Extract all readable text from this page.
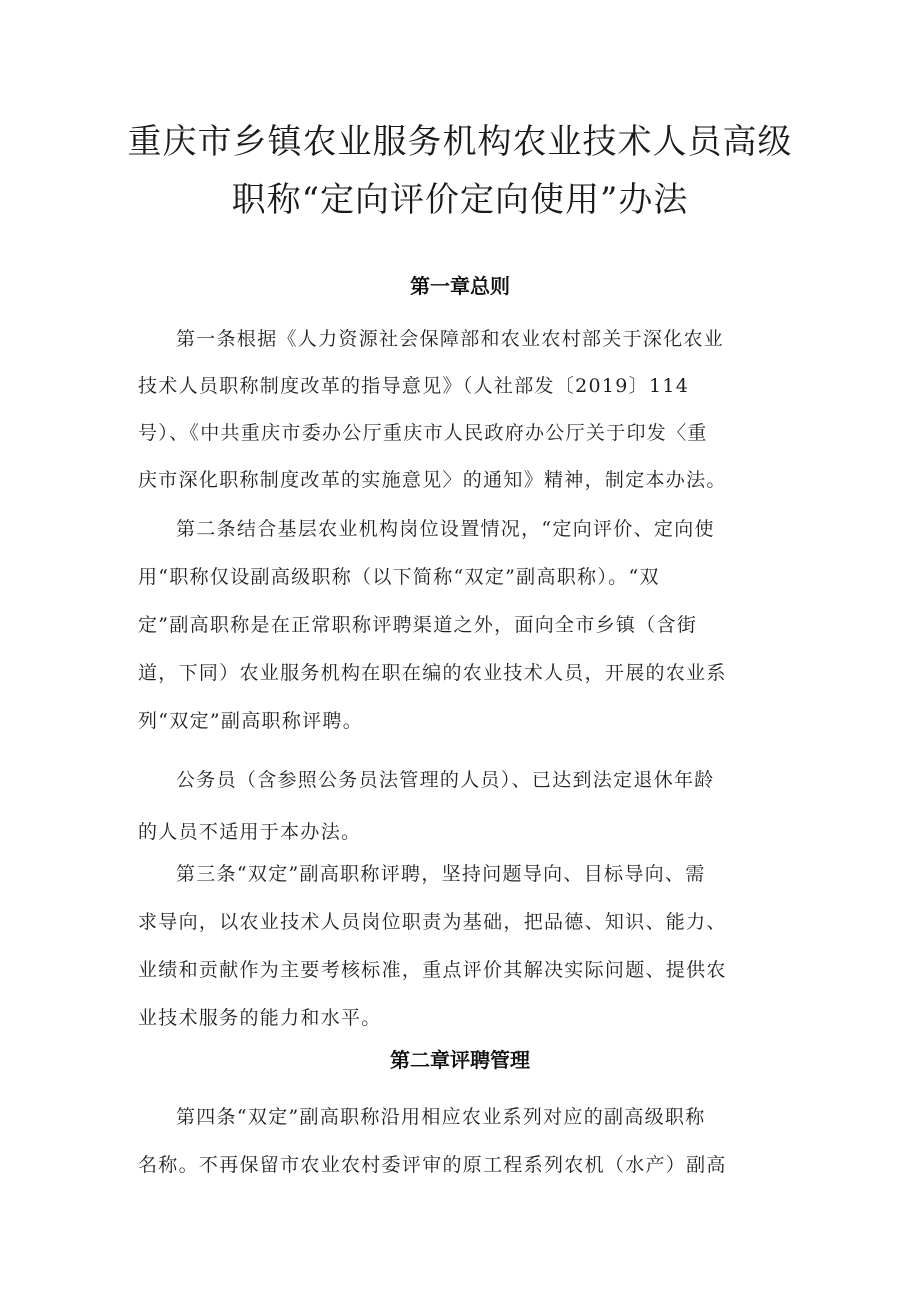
重庆市乡镇农业服务机构农业技术人员高级
职称“定向评价定向使用”办法
第一章总则

第一条根据《人力资源社会保障部和农业农村部关于深化农业
技术人员职称制度改革的指导意见》（人社部发〔2019〕114
号）、《中共重庆市委办公厅重庆市人民政府办公厅关于印发〈重
庆市深化职称制度改革的实施意见〉的通知》精神，制定本办法。

第二条结合基层农业机构岗位设置情况，“定向评价、定向使
用“职称仅设副高级职称（以下简称“双定”副高职称）。“双
定”副高职称是在正常职称评聘渠道之外，面向全市乡镇（含街
道，下同）农业服务机构在职在编的农业技术人员，开展的农业系
列“双定”副高职称评聘。

公务员（含参照公务员法管理的人员）、已达到法定退休年龄
的人员不适用于本办法。

第三条“双定”副高职称评聘，坚持问题导向、目标导向、需
求导向，以农业技术人员岗位职责为基础，把品德、知识、能力、
业绩和贡献作为主要考核标准，重点评价其解决实际问题、提供农
业技术服务的能力和水平。

第二章评聘管理

第四条“双定”副高职称沿用相应农业系列对应的副高级职称
名称。不再保留市农业农村委评审的原工程系列农机（水产）副高
